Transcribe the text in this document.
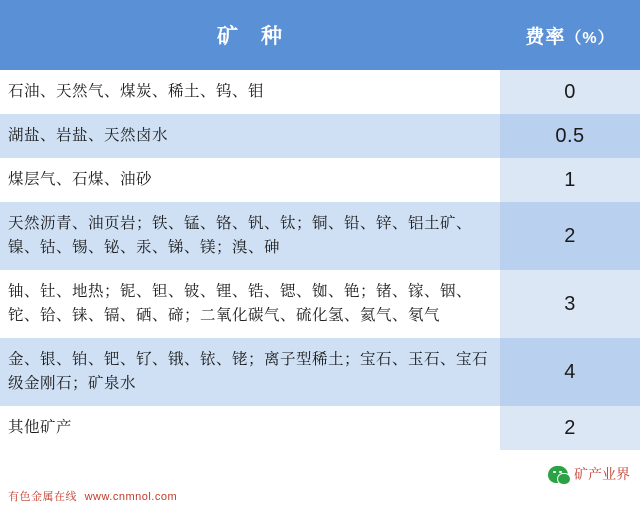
矿　种	费率（%）
石油、天然气、煤炭、稀土、钨、钼	0
湖盐、岩盐、天然卤水	0.5
煤层气、石煤、油砂	1
天然沥青、油页岩；铁、锰、铬、钒、钛；铜、铅、锌、铝土矿、镍、钴、锡、铋、汞、锑、镁；溴、砷	2
铀、钍、地热；铌、钽、铍、锂、锆、锶、铷、铯；锗、镓、铟、铊、铪、铼、镉、硒、碲；二氧化碳气、硫化氢、氦气、氡气	3
金、银、铂、钯、钌、锇、铱、铑；离子型稀土；宝石、玉石、宝石级金刚石；矿泉水	4
其他矿产	2
有色金属在线 www.cnmnol.com
矿产业界
